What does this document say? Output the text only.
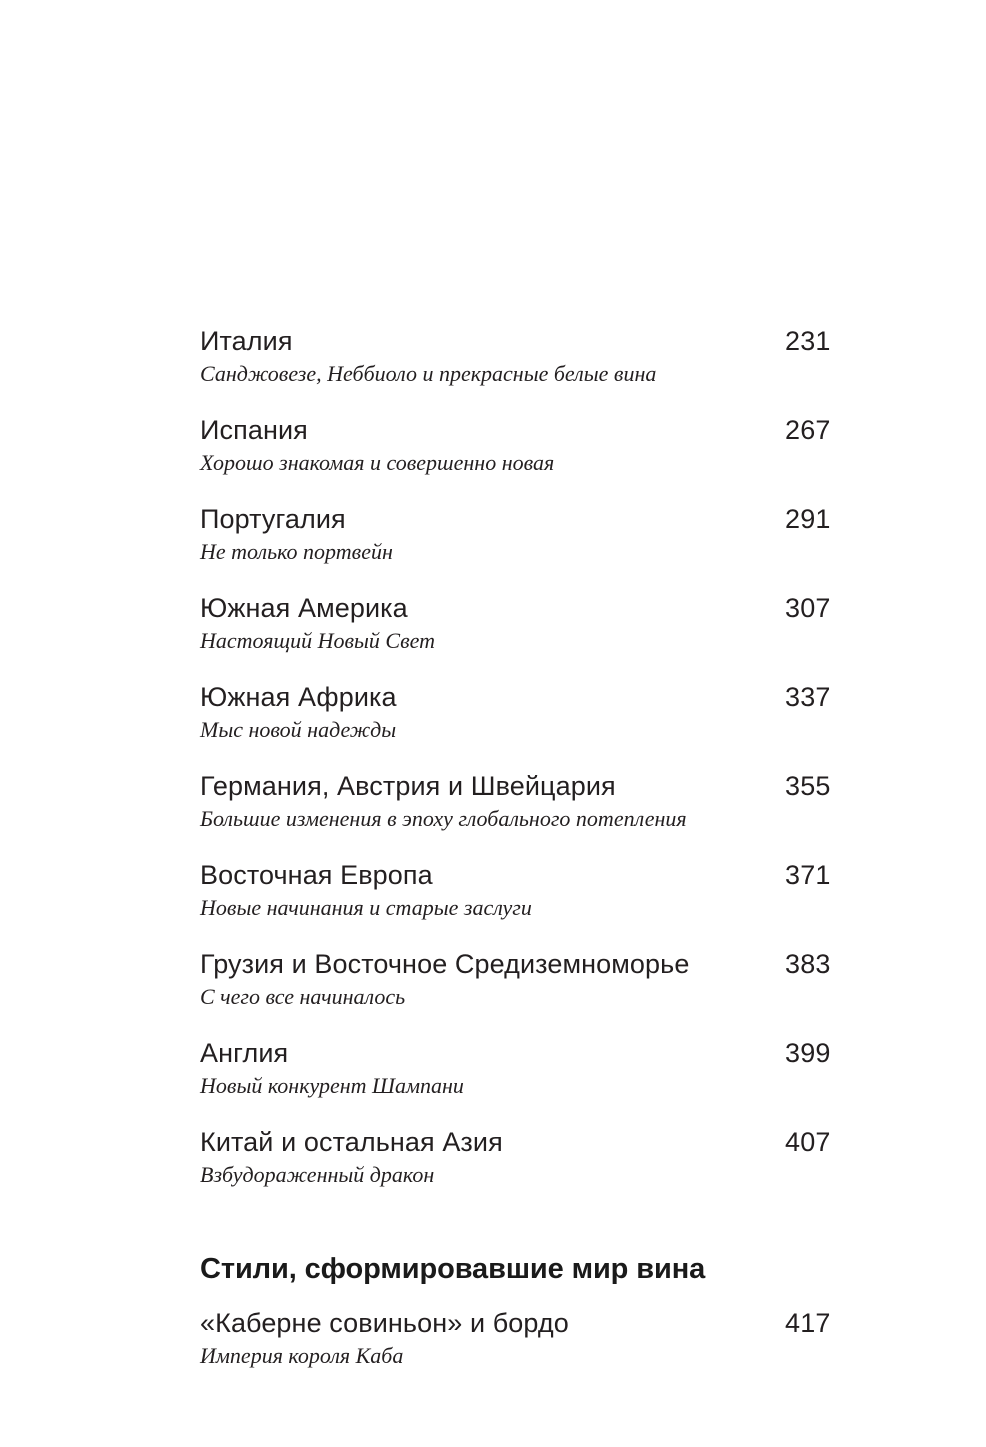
Италия	231
Санджовезе, Неббиоло и прекрасные белые вина
Испания	267
Хорошо знакомая и совершенно новая
Португалия	291
Не только портвейн
Южная Америка	307
Настоящий Новый Свет
Южная Африка	337
Мыс новой надежды
Германия, Австрия и Швейцария	355
Большие изменения в эпоху глобального потепления
Восточная Европа	371
Новые начинания и старые заслуги
Грузия и Восточное Средиземноморье	383
С чего все начиналось
Англия	399
Новый конкурент Шампани
Китай и остальная Азия	407
Взбудораженный дракон
Стили, сформировавшие мир вина
«Каберне совиньон» и бордо	417
Империя короля Каба
